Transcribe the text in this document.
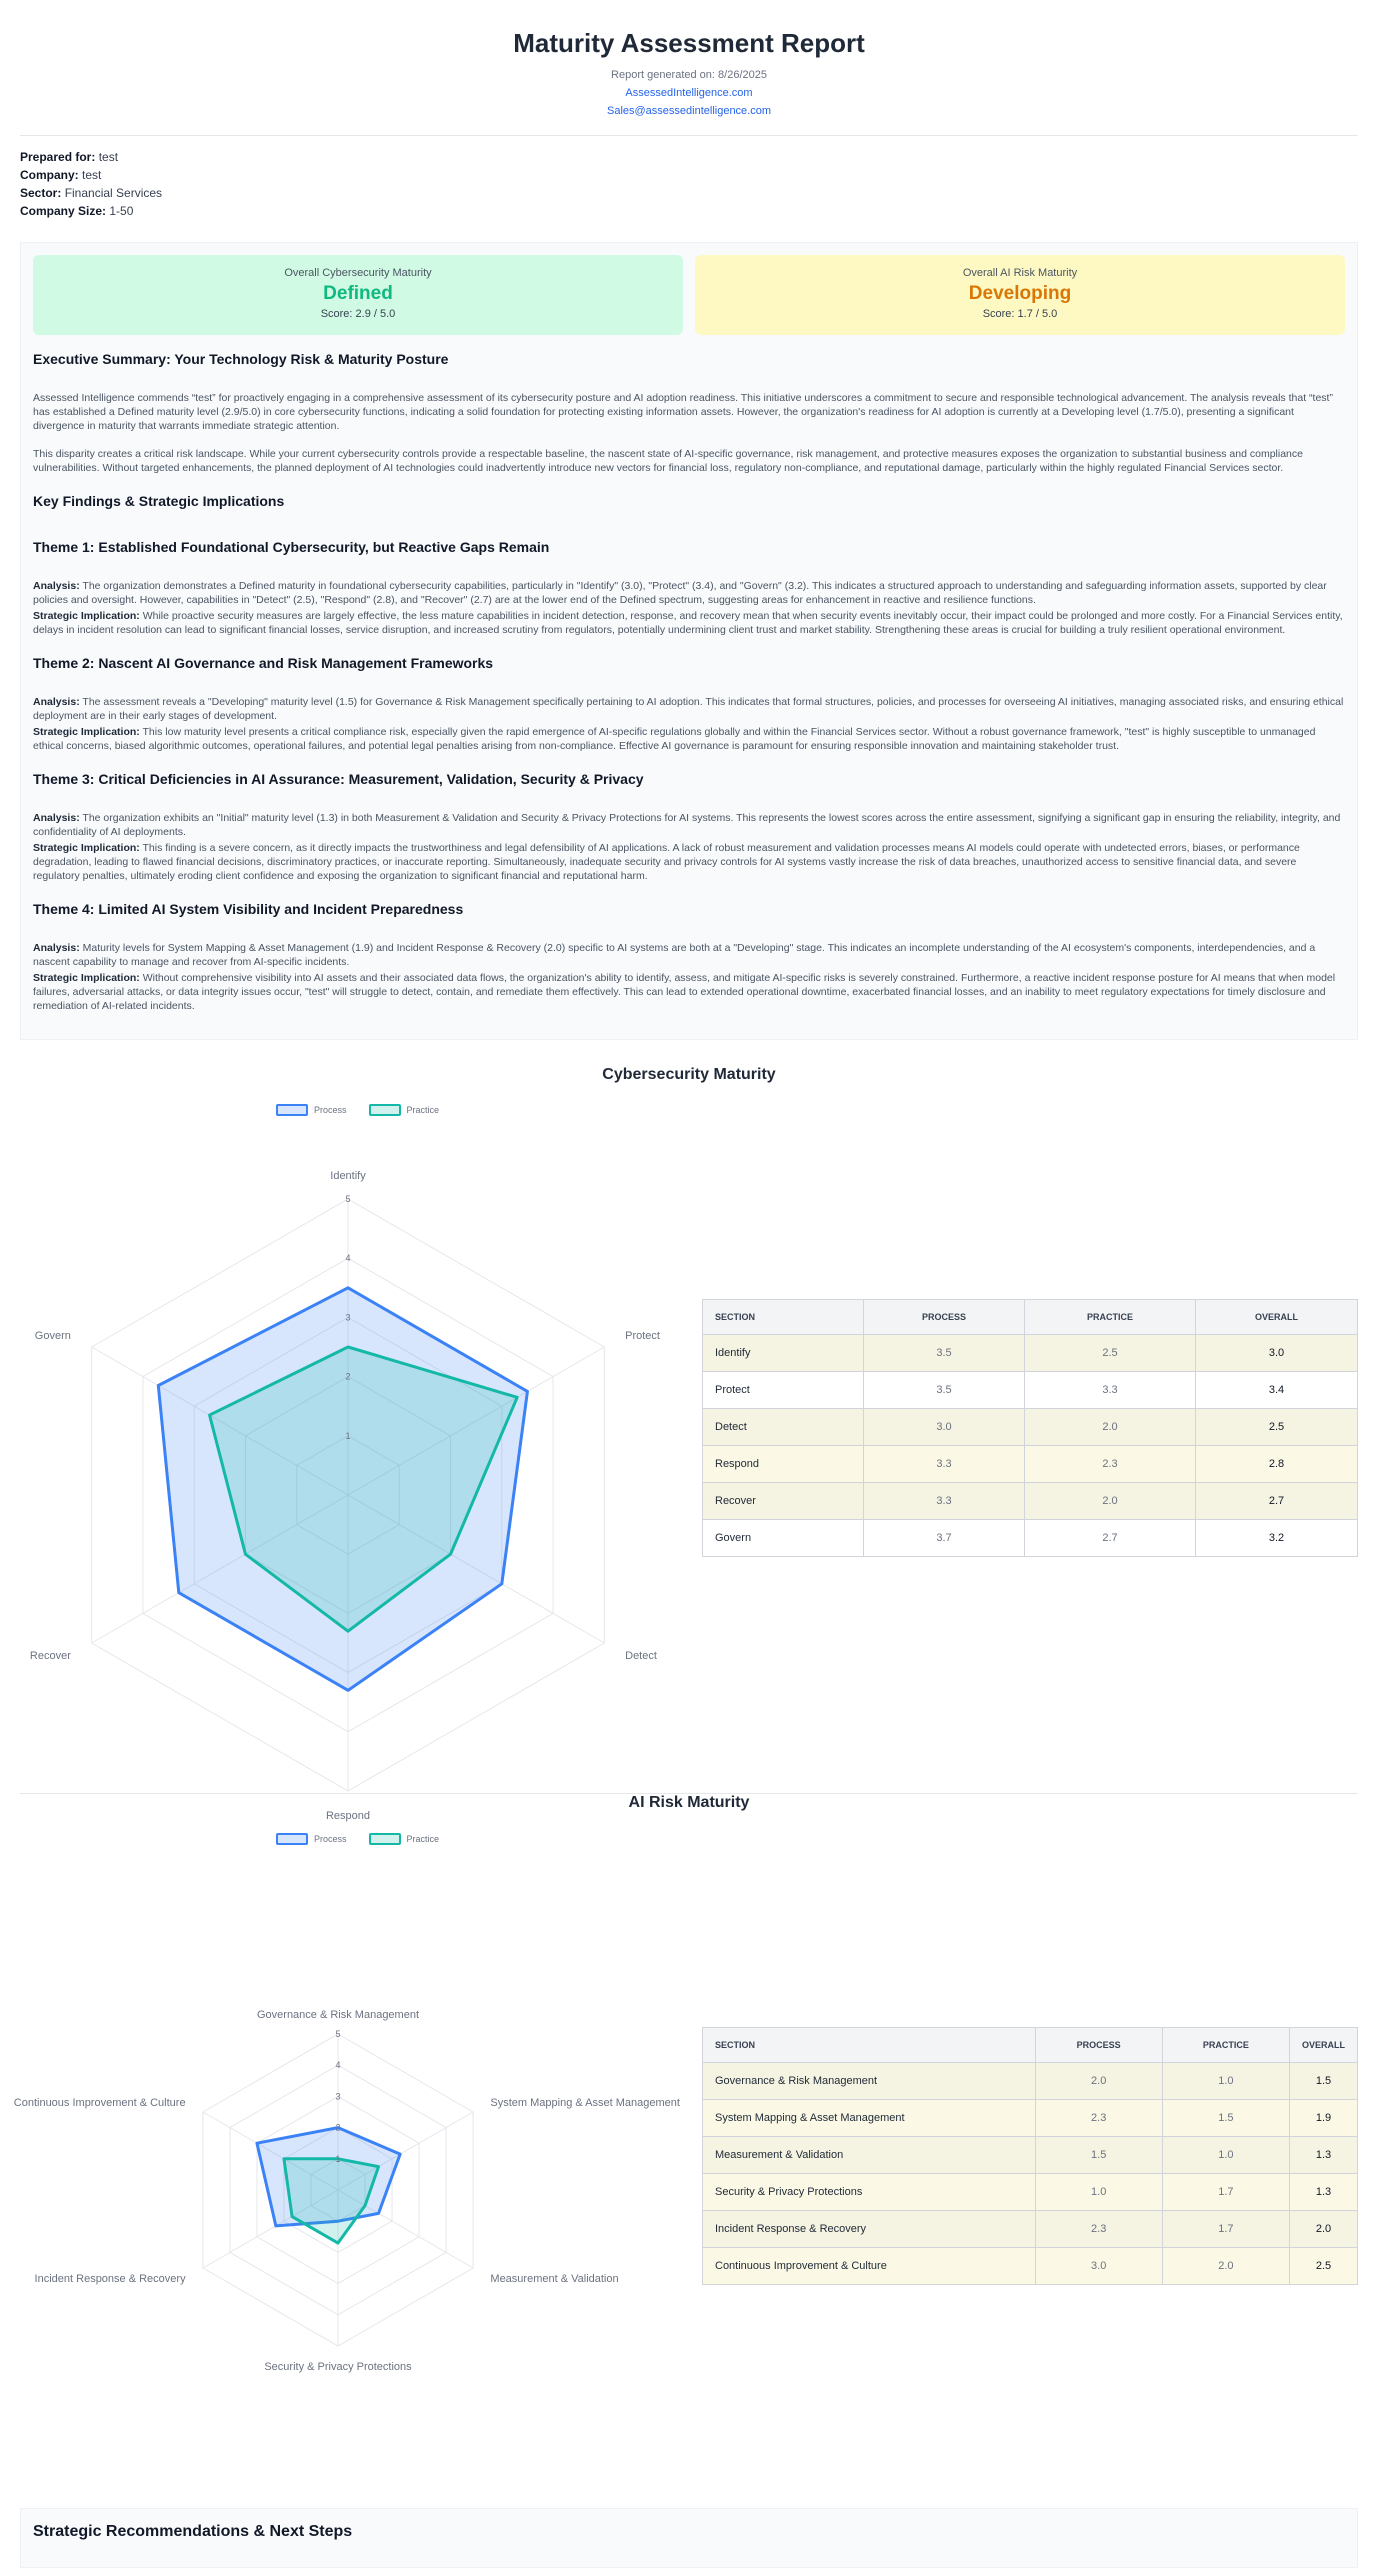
Maturity Assessment Report
Report generated on: 8/26/2025
AssessedIntelligence.com
Sales@assessedintelligence.com
Prepared for: test
Company: test
Sector: Financial Services
Company Size: 1-50
Overall Cybersecurity Maturity
Defined
Score: 2.9 / 5.0
Overall AI Risk Maturity
Developing
Score: 1.7 / 5.0
Executive Summary: Your Technology Risk & Maturity Posture

Assessed Intelligence commends “test” for proactively engaging in a comprehensive assessment of its cybersecurity posture and AI adoption readiness. This initiative underscores a commitment to secure and responsible technological advancement. The analysis reveals that “test” has established a Defined maturity level (2.9/5.0) in core cybersecurity functions, indicating a solid foundation for protecting existing information assets. However, the organization's readiness for AI adoption is currently at a Developing level (1.7/5.0), presenting a significant divergence in maturity that warrants immediate strategic attention.

This disparity creates a critical risk landscape. While your current cybersecurity controls provide a respectable baseline, the nascent state of AI-specific governance, risk management, and protective measures exposes the organization to substantial business and compliance vulnerabilities. Without targeted enhancements, the planned deployment of AI technologies could inadvertently introduce new vectors for financial loss, regulatory non-compliance, and reputational damage, particularly within the highly regulated Financial Services sector.

Key Findings & Strategic Implications
Theme 1: Established Foundational Cybersecurity, but Reactive Gaps Remain

Analysis: The organization demonstrates a Defined maturity in foundational cybersecurity capabilities, particularly in "Identify" (3.0), "Protect" (3.4), and "Govern" (3.2). This indicates a structured approach to understanding and safeguarding information assets, supported by clear policies and oversight. However, capabilities in "Detect" (2.5), "Respond" (2.8), and "Recover" (2.7) are at the lower end of the Defined spectrum, suggesting areas for enhancement in reactive and resilience functions.

Strategic Implication: While proactive security measures are largely effective, the less mature capabilities in incident detection, response, and recovery mean that when security events inevitably occur, their impact could be prolonged and more costly. For a Financial Services entity, delays in incident resolution can lead to significant financial losses, service disruption, and increased scrutiny from regulators, potentially undermining client trust and market stability. Strengthening these areas is crucial for building a truly resilient operational environment.

Theme 2: Nascent AI Governance and Risk Management Frameworks

Analysis: The assessment reveals a "Developing" maturity level (1.5) for Governance & Risk Management specifically pertaining to AI adoption. This indicates that formal structures, policies, and processes for overseeing AI initiatives, managing associated risks, and ensuring ethical deployment are in their early stages of development.

Strategic Implication: This low maturity level presents a critical compliance risk, especially given the rapid emergence of AI-specific regulations globally and within the Financial Services sector. Without a robust governance framework, "test" is highly susceptible to unmanaged ethical concerns, biased algorithmic outcomes, operational failures, and potential legal penalties arising from non-compliance. Effective AI governance is paramount for ensuring responsible innovation and maintaining stakeholder trust.

Theme 3: Critical Deficiencies in AI Assurance: Measurement, Validation, Security & Privacy

Analysis: The organization exhibits an "Initial" maturity level (1.3) in both Measurement & Validation and Security & Privacy Protections for AI systems. This represents the lowest scores across the entire assessment, signifying a significant gap in ensuring the reliability, integrity, and confidentiality of AI deployments.

Strategic Implication: This finding is a severe concern, as it directly impacts the trustworthiness and legal defensibility of AI applications. A lack of robust measurement and validation processes means AI models could operate with undetected errors, biases, or performance degradation, leading to flawed financial decisions, discriminatory practices, or inaccurate reporting. Simultaneously, inadequate security and privacy controls for AI systems vastly increase the risk of data breaches, unauthorized access to sensitive financial data, and severe regulatory penalties, ultimately eroding client confidence and exposing the organization to significant financial and reputational harm.

Theme 4: Limited AI System Visibility and Incident Preparedness

Analysis: Maturity levels for System Mapping & Asset Management (1.9) and Incident Response & Recovery (2.0) specific to AI systems are both at a "Developing" stage. This indicates an incomplete understanding of the AI ecosystem's components, interdependencies, and a nascent capability to manage and recover from AI-specific incidents.

Strategic Implication: Without comprehensive visibility into AI assets and their associated data flows, the organization's ability to identify, assess, and mitigate AI-specific risks is severely constrained. Furthermore, a reactive incident response posture for AI means that when model failures, adversarial attacks, or data integrity issues occur, "test" will struggle to detect, contain, and remediate them effectively. This can lead to extended operational downtime, exacerbated financial losses, and an inability to meet regulatory expectations for timely disclosure and remediation of AI-related incidents.

Cybersecurity Maturity
Process	Practice
1
2
3
4
5
Identify
Protect
Detect
Respond
Recover
Govern
SECTION	PROCESS	PRACTICE	OVERALL
Identify	3.5	2.5	3.0
Protect	3.5	3.3	3.4
Detect	3.0	2.0	2.5
Respond	3.3	2.3	2.8
Recover	3.3	2.0	2.7
Govern	3.7	2.7	3.2
AI Risk Maturity
Process	Practice
1
2
3
4
5
Governance & Risk Management
System Mapping & Asset Management
Measurement & Validation
Security & Privacy Protections
Incident Response & Recovery
Continuous Improvement & Culture
SECTION	PROCESS	PRACTICE	OVERALL
Governance & Risk Management	2.0	1.0	1.5
System Mapping & Asset Management	2.3	1.5	1.9
Measurement & Validation	1.5	1.0	1.3
Security & Privacy Protections	1.0	1.7	1.3
Incident Response & Recovery	2.3	1.7	2.0
Continuous Improvement & Culture	3.0	2.0	2.5
Strategic Recommendations & Next Steps
